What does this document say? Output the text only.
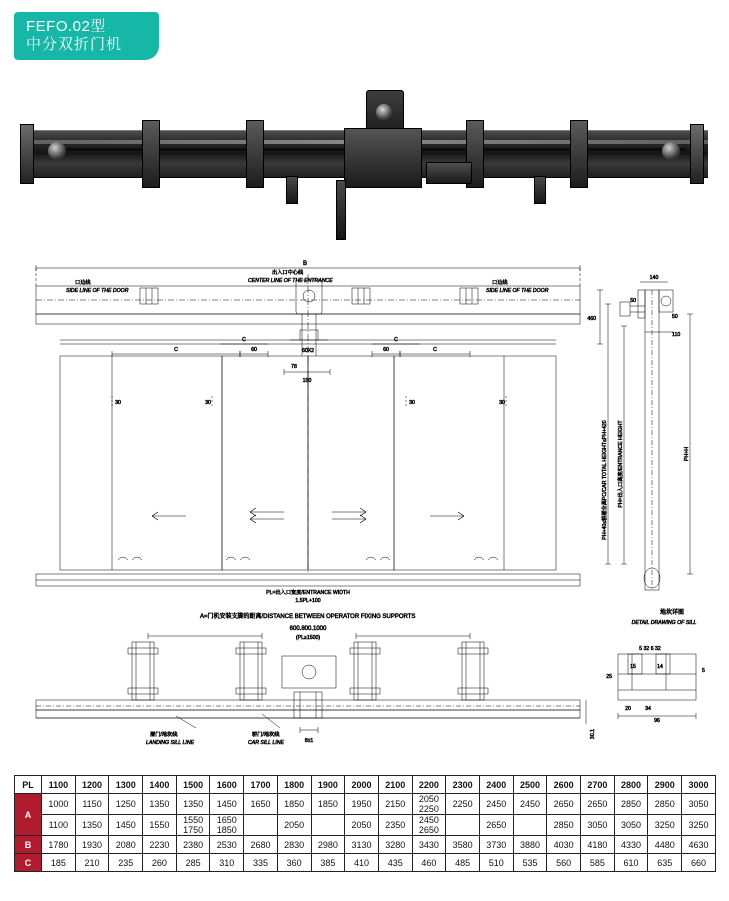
FEFO.02型
中分双折门机
B
C	60	60	C
C	C
60X2
78
150
30	30	30	30
口边线
SIDE LINE OF THE DOOR
口边线
SIDE LINE OF THE DOOR
出入口中心线
CENTER LINE OF THE ENTRANCE
PL=出入口宽度/ENTRANCE WIDTH
1.5PL+100
460
140
50
50
110
PH+40≤轿厢全高PC/CAR TOTAL HEIGHT≤PH+420	PH=出入口高度/ENTRANCE HEIGHT	PH+H
A=门机安装支脚的距离/DISTANCE BETWEEN OPERATOR FIXING SUPPORTS
600.800.1000
(PL≥1500)
層门/地坎线
LANDING SILL LINE
轿门/地坎线
CAR SILL LINE	8±1
30.1
地坎详图
DETAIL DRAWING OF SILL
5 32 6 32
15	14
25
5
20	34
96
PL	1100	1200	1300	1400	1500	1600	1700	1800	1900	2000	2100	2200	2300	2400	2500	2600	2700	2800	2900	3000
A	1000	1150	1250	1350	1350	1450	1650	1850	1850	1950	2150	2050 2250	2250	2450	2450	2650	2650	2850	2850	3050
	1100	1350	1450	1550	1550 1750	1650 1850		2050		2050	2350	2450 2650		2650		2850	3050	3050	3250	3250
B	1780	1930	2080	2230	2380	2530	2680	2830	2980	3130	3280	3430	3580	3730	3880	4030	4180	4330	4480	4630
C	185	210	235	260	285	310	335	360	385	410	435	460	485	510	535	560	585	610	635	660
